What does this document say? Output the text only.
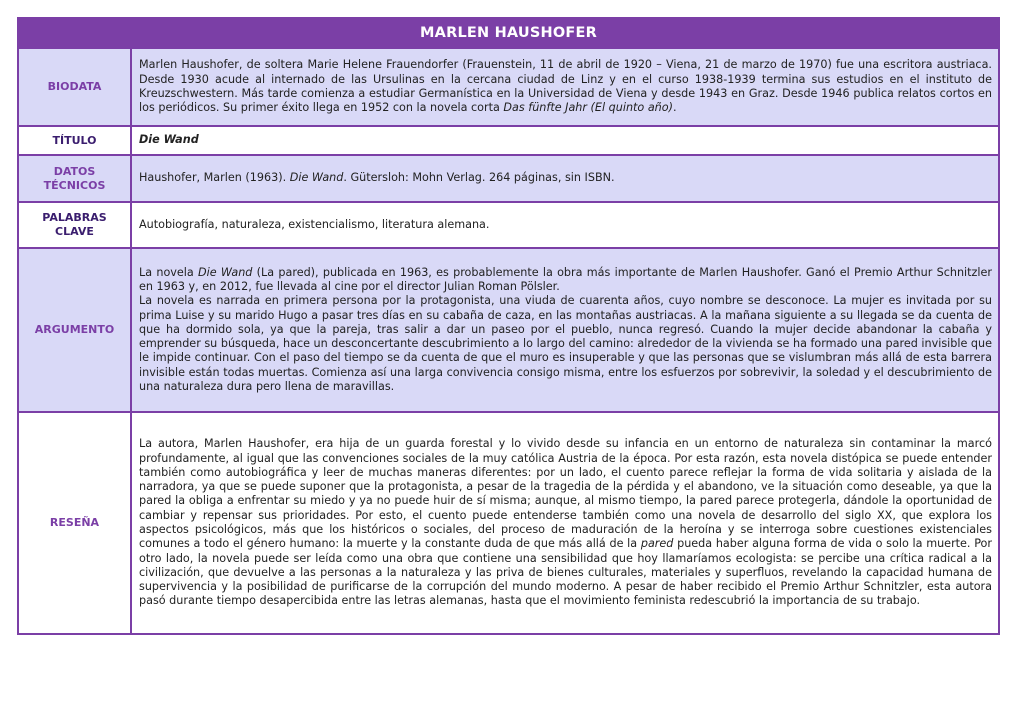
MARLEN HAUSHOFER
BIODATA	Marlen Haushofer, de soltera Marie Helene Frauendorfer (Frauenstein, 11 de abril de 1920 – Viena, 21 de marzo de 1970) fue una escritora austriaca. Desde 1930 acude al internado de las Ursulinas en la cercana ciudad de Linz y en el curso 1938-1939 termina sus estudios en el instituto de Kreuzschwestern. Más tarde comienza a estudiar Germanística en la Universidad de Viena y desde 1943 en Graz. Desde 1946 publica relatos cortos en los periódicos. Su primer éxito llega en 1952 con la novela corta Das fünfte Jahr (El quinto año).
TÍTULO	Die Wand
DATOS
TÉCNICOS	Haushofer, Marlen (1963). Die Wand. Gütersloh: Mohn Verlag. 264 páginas, sin ISBN.
PALABRAS
CLAVE	Autobiografía, naturaleza, existencialismo, literatura alemana.
ARGUMENTO	La novela Die Wand (La pared), publicada en 1963, es probablemente la obra más importante de Marlen Haushofer. Ganó el Premio Arthur Schnitzler en 1963 y, en 2012, fue llevada al cine por el director Julian Roman Pölsler.

La novela es narrada en primera persona por la protagonista, una viuda de cuarenta años, cuyo nombre se desconoce. La mujer es invitada por su prima Luise y su marido Hugo a pasar tres días en su cabaña de caza, en las montañas austriacas. A la mañana siguiente a su llegada se da cuenta de que ha dormido sola, ya que la pareja, tras salir a dar un paseo por el pueblo, nunca regresó. Cuando la mujer decide abandonar la cabaña y emprender su búsqueda, hace un desconcertante descubrimiento a lo largo del camino: alrededor de la vivienda se ha formado una pared invisible que le impide continuar. Con el paso del tiempo se da cuenta de que el muro es insuperable y que las personas que se vislumbran más allá de esta barrera invisible están todas muertas. Comienza así una larga convivencia consigo misma, entre los esfuerzos por sobrevivir, la soledad y el descubrimiento de una naturaleza dura pero llena de maravillas.

RESEÑA	La autora, Marlen Haushofer, era hija de un guarda forestal y lo vivido desde su infancia en un entorno de naturaleza sin contaminar la marcó profundamente, al igual que las convenciones sociales de la muy católica Austria de la época. Por esta razón, esta novela distópica se puede entender también como autobiográfica y leer de muchas maneras diferentes: por un lado, el cuento parece reflejar la forma de vida solitaria y aislada de la narradora, ya que se puede suponer que la protagonista, a pesar de la tragedia de la pérdida y el abandono, ve la situación como deseable, ya que la pared la obliga a enfrentar su miedo y ya no puede huir de sí misma; aunque, al mismo tiempo, la pared parece protegerla, dándole la oportunidad de cambiar y repensar sus prioridades. Por esto, el cuento puede entenderse también como una novela de desarrollo del siglo XX, que explora los aspectos psicológicos, más que los históricos o sociales, del proceso de maduración de la heroína y se interroga sobre cuestiones existenciales comunes a todo el género humano: la muerte y la constante duda de que más allá de la pared pueda haber alguna forma de vida o solo la muerte. Por otro lado, la novela puede ser leída como una obra que contiene una sensibilidad que hoy llamaríamos ecologista: se percibe una crítica radical a la civilización, que devuelve a las personas a la naturaleza y las priva de bienes culturales, materiales y superfluos, revelando la capacidad humana de supervivencia y la posibilidad de purificarse de la corrupción del mundo moderno. A pesar de haber recibido el Premio Arthur Schnitzler, esta autora pasó durante tiempo desapercibida entre las letras alemanas, hasta que el movimiento feminista redescubrió la importancia de su trabajo.
